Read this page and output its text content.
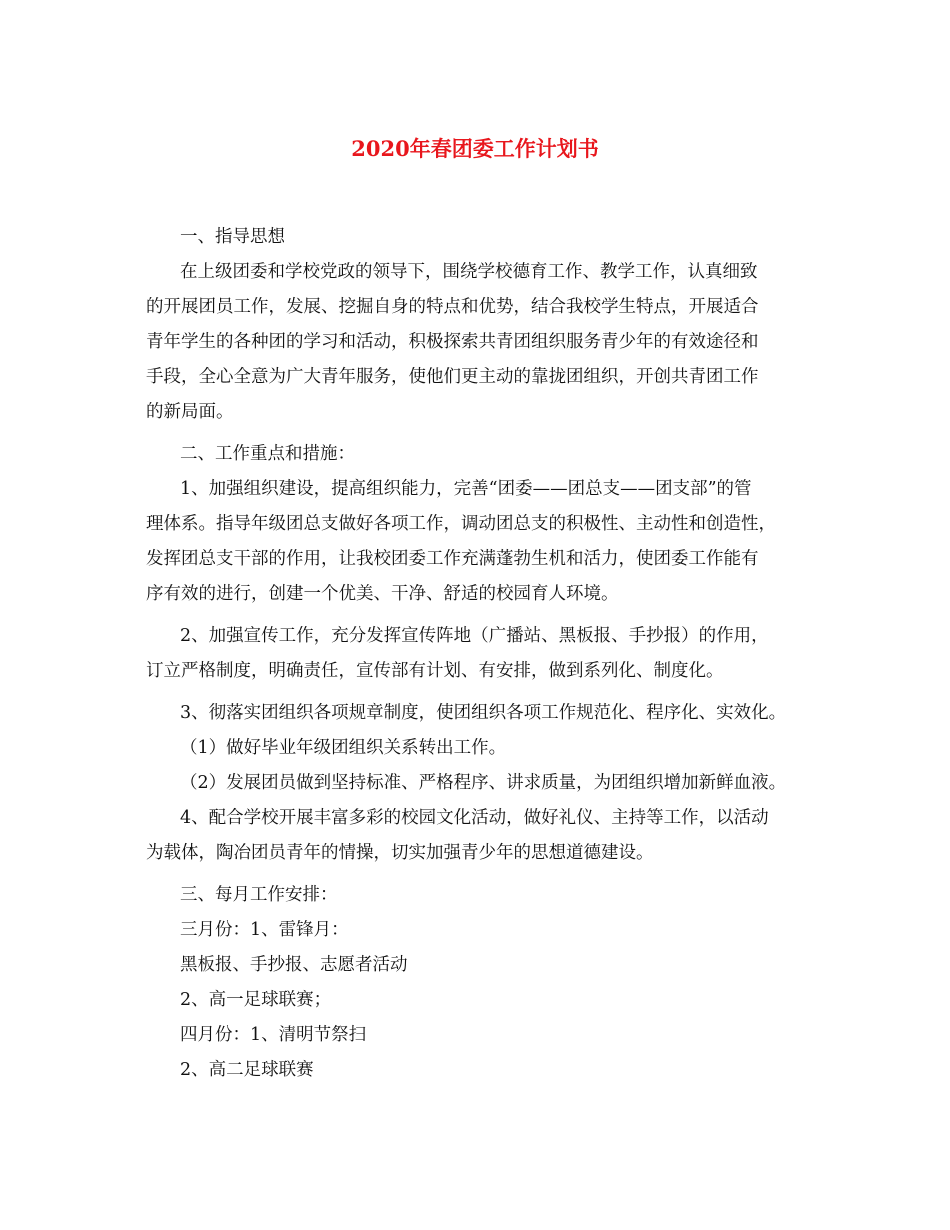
2020年春团委工作计划书
一、指导思想
在上级团委和学校党政的领导下，围绕学校德育工作、教学工作，认真细致
的开展团员工作，发展、挖掘自身的特点和优势，结合我校学生特点，开展适合
青年学生的各种团的学习和活动，积极探索共青团组织服务青少年的有效途径和
手段，全心全意为广大青年服务，使他们更主动的靠拢团组织，开创共青团工作
的新局面。
二、工作重点和措施：
1、加强组织建设，提高组织能力，完善“团委——团总支——团支部”的管
理体系。指导年级团总支做好各项工作，调动团总支的积极性、主动性和创造性，
发挥团总支干部的作用，让我校团委工作充满蓬勃生机和活力，使团委工作能有
序有效的进行，创建一个优美、干净、舒适的校园育人环境。
2、加强宣传工作，充分发挥宣传阵地（广播站、黑板报、手抄报）的作用，
订立严格制度，明确责任，宣传部有计划、有安排，做到系列化、制度化。
3、彻落实团组织各项规章制度，使团组织各项工作规范化、程序化、实效化。
（1）做好毕业年级团组织关系转出工作。
（2）发展团员做到坚持标准、严格程序、讲求质量，为团组织增加新鲜血液。
4、配合学校开展丰富多彩的校园文化活动，做好礼仪、主持等工作，以活动
为载体，陶冶团员青年的情操，切实加强青少年的思想道德建设。
三、每月工作安排：
三月份：1、雷锋月：
黑板报、手抄报、志愿者活动
2、高一足球联赛；
四月份：1、清明节祭扫
2、高二足球联赛
